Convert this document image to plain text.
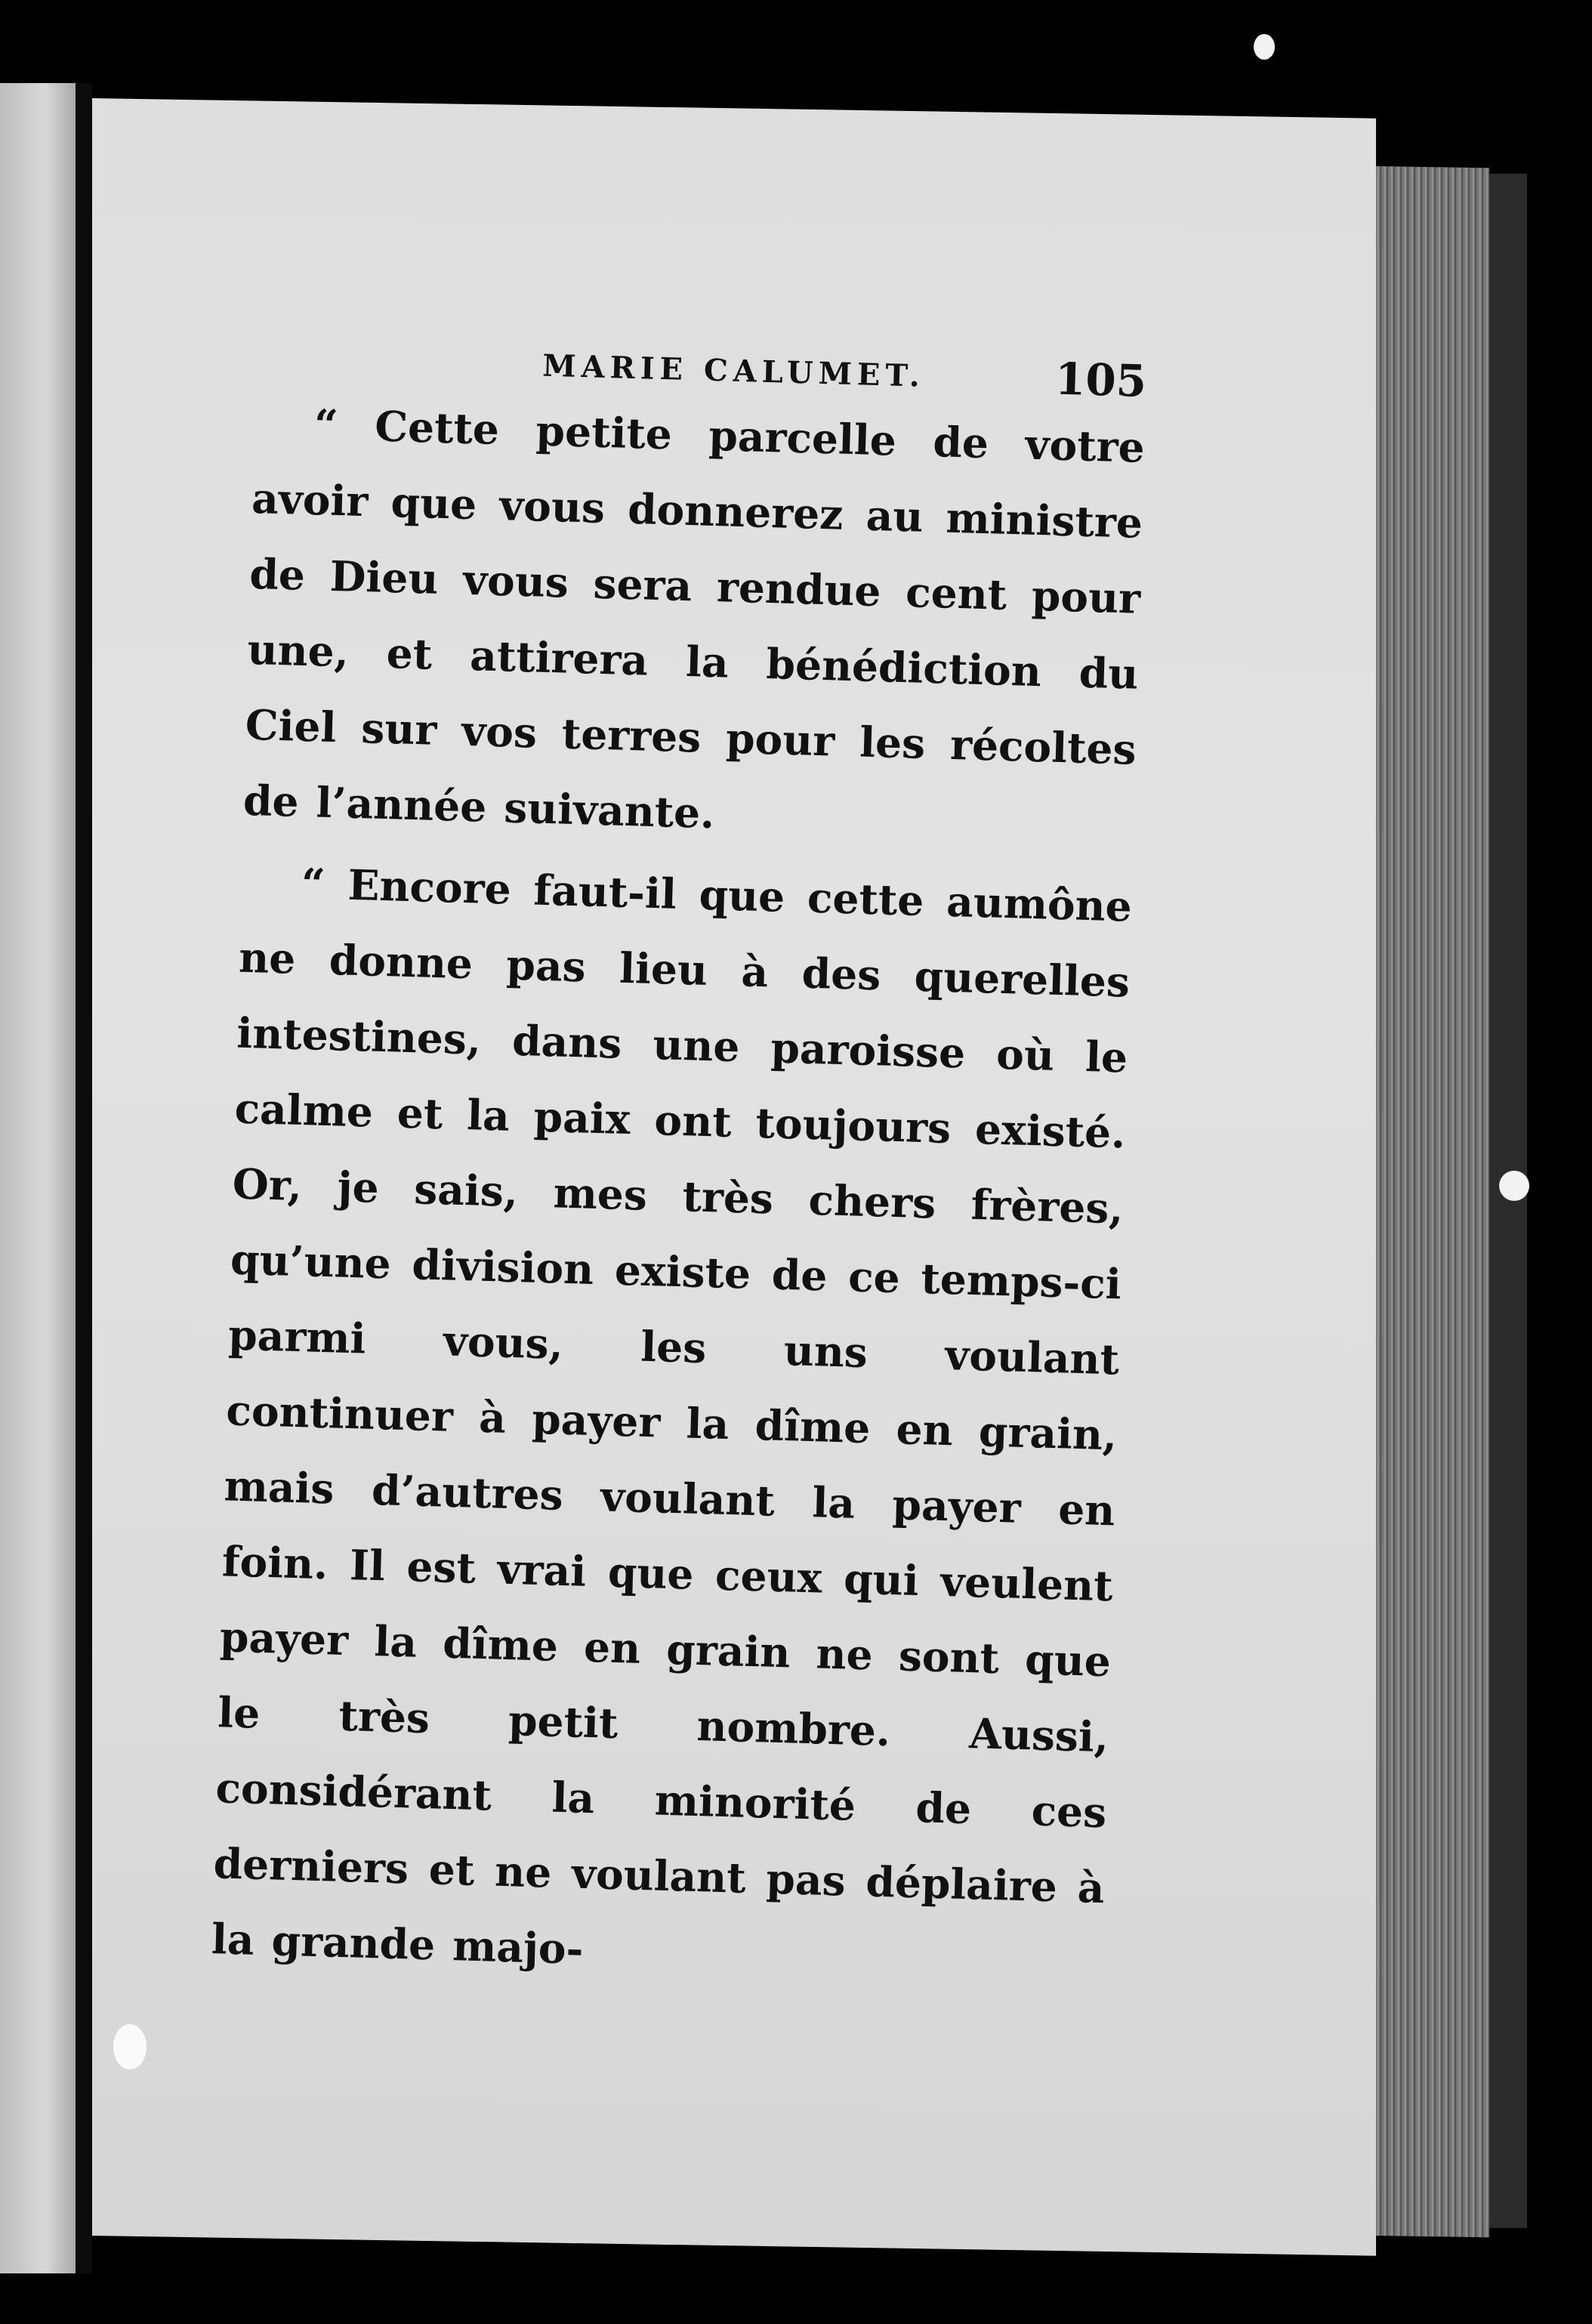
MARIE CALUMET.	105

“ Cette petite parcelle de votre avoir que vous donnerez au ministre de Dieu vous sera rendue cent pour une, et attirera la bénédiction du Ciel sur vos terres pour les récoltes de l’année suivante.

“ Encore faut-il que cette aumône ne donne pas lieu à des querelles intestines, dans une paroisse où le calme et la paix ont toujours existé. Or, je sais, mes très chers frères, qu’une division existe de ce temps-ci parmi vous, les uns voulant continuer à payer la dîme en grain, mais d’autres voulant la payer en foin. Il est vrai que ceux qui veulent payer la dîme en grain ne sont que le très petit nombre. Aussi, considérant la minorité de ces derniers et ne voulant pas déplaire à la grande majo-
